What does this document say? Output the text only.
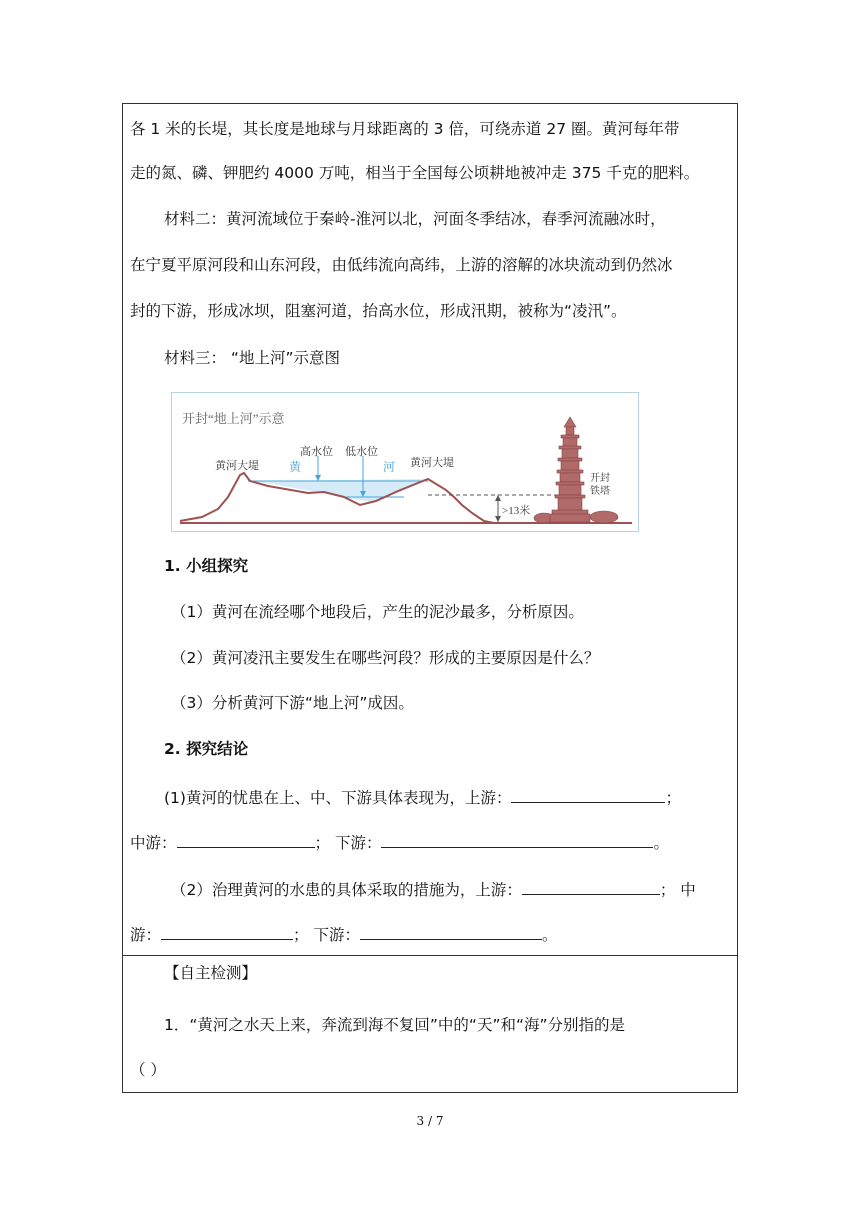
各 1 米的长堤，其长度是地球与月球距离的 3 倍，可绕赤道 27 圈。黄河每年带
走的氮、磷、钾肥约 4000 万吨，相当于全国每公顷耕地被冲走 375 千克的肥料。
材料二：黄河流域位于秦岭-淮河以北，河面冬季结冰，春季河流融冰时，
在宁夏平原河段和山东河段，由低纬流向高纬，上游的溶解的冰块流动到仍然冰
封的下游，形成冰坝，阻塞河道，抬高水位，形成汛期，被称为“凌汛”。
材料三： “地上河”示意图
开封“地上河”示意
>13米
黄河大堤	黄河大堤
高水位 低水位
黄	河
开封
铁塔
1. 小组探究
（1）黄河在流经哪个地段后，产生的泥沙最多，分析原因。
（2）黄河凌汛主要发生在哪些河段？形成的主要原因是什么？
（3）分析黄河下游“地上河”成因。
2. 探究结论
(1)黄河的忧患在上、中、下游具体表现为，上游：	；
中游：	； 下游：	。
（2）治理黄河的水患的具体采取的措施为，上游：	； 中
游：	； 下游：	。
【自主检测】
1．“黄河之水天上来，奔流到海不复回”中的“天”和“海”分别指的是
（ ）
3 / 7
